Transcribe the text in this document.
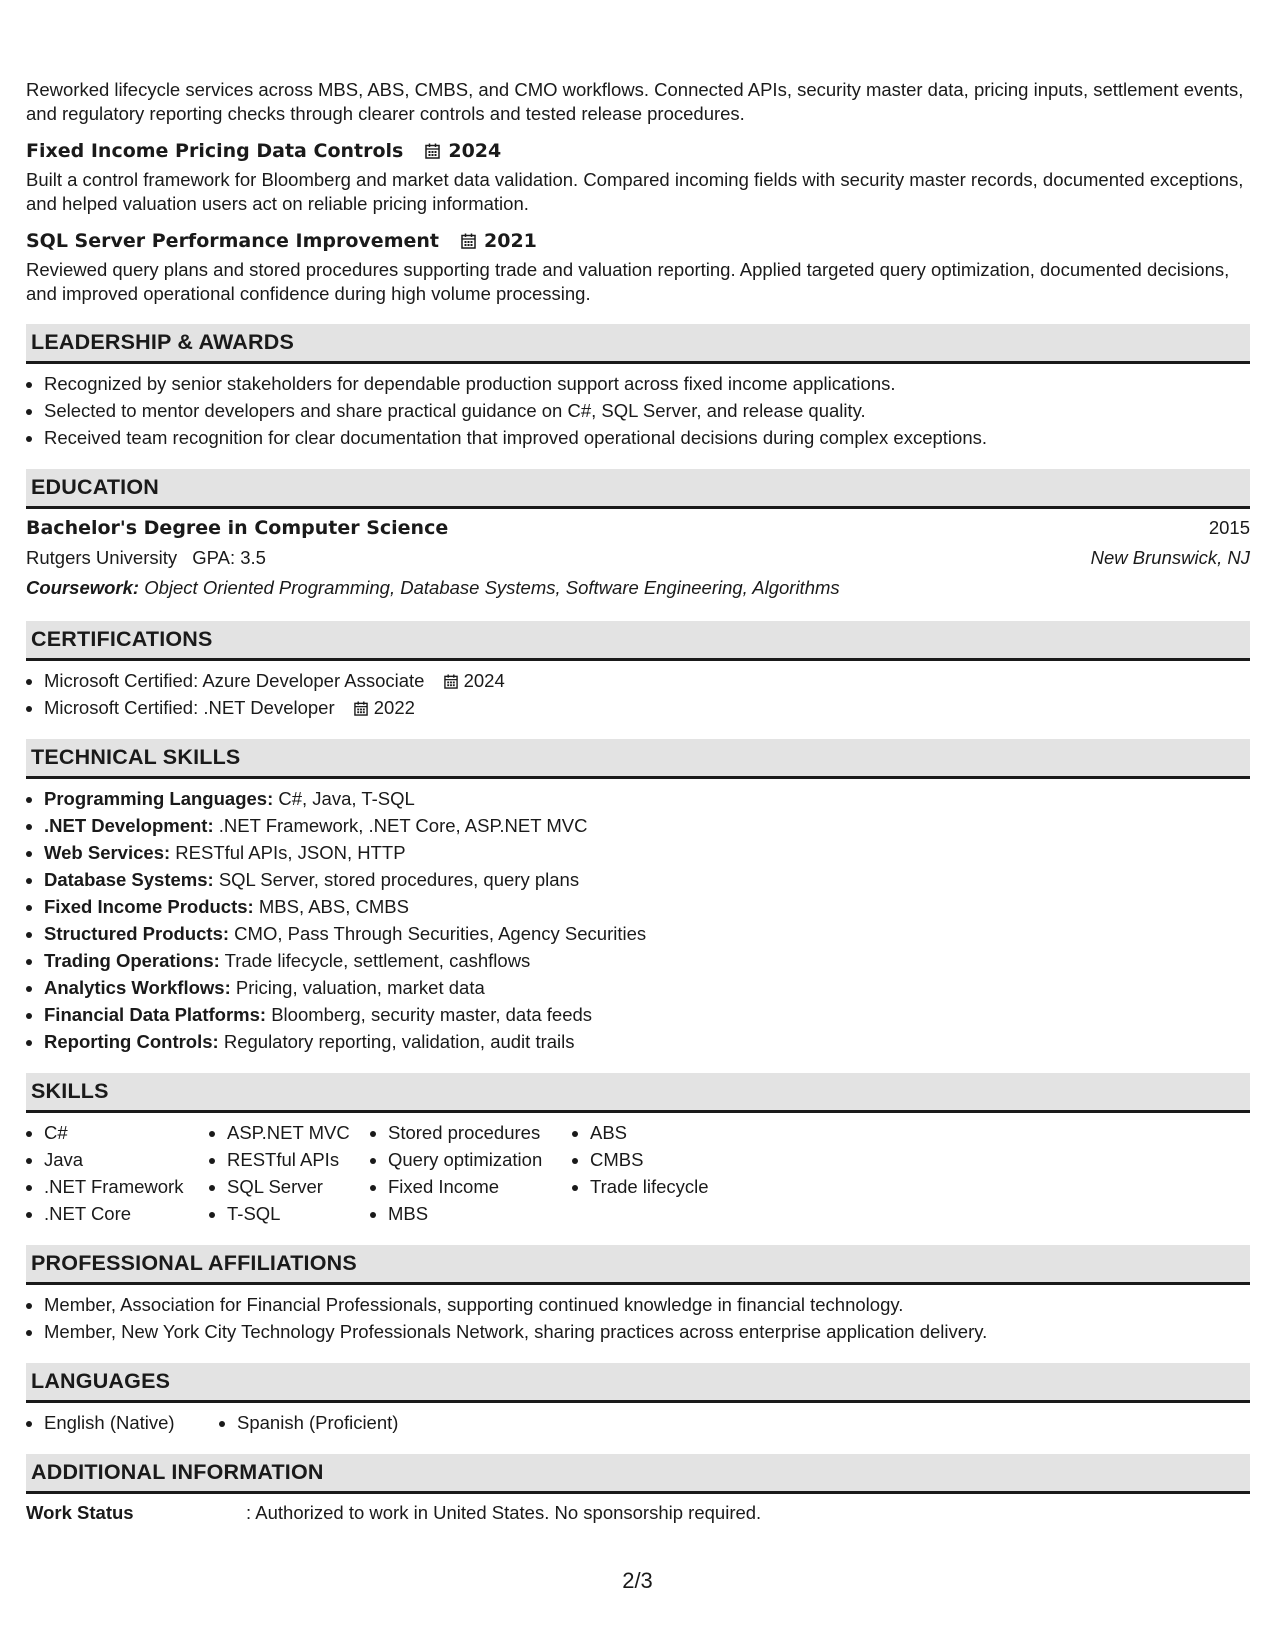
Reworked lifecycle services across MBS, ABS, CMBS, and CMO workflows. Connected APIs, security master data, pricing inputs, settlement events, and regulatory reporting checks through clearer controls and tested release procedures.

Fixed Income Pricing Data Controls 2024

Built a control framework for Bloomberg and market data validation. Compared incoming fields with security master records, documented exceptions, and helped valuation users act on reliable pricing information.

SQL Server Performance Improvement 2021

Reviewed query plans and stored procedures supporting trade and valuation reporting. Applied targeted query optimization, documented decisions, and improved operational confidence during high volume processing.

LEADERSHIP & AWARDS
• Recognized by senior stakeholders for dependable production support across fixed income applications.
• Selected to mentor developers and share practical guidance on C#, SQL Server, and release quality.
• Received team recognition for clear documentation that improved operational decisions during complex exceptions.
EDUCATION
Bachelor's Degree in Computer Science	2015
Rutgers University GPA: 3.5	New Brunswick, NJ
Coursework: Object Oriented Programming, Database Systems, Software Engineering, Algorithms
CERTIFICATIONS
• Microsoft Certified: Azure Developer Associate 2024
• Microsoft Certified: .NET Developer 2022
TECHNICAL SKILLS
• Programming Languages: C#, Java, T-SQL
• .NET Development: .NET Framework, .NET Core, ASP.NET MVC
• Web Services: RESTful APIs, JSON, HTTP
• Database Systems: SQL Server, stored procedures, query plans
• Fixed Income Products: MBS, ABS, CMBS
• Structured Products: CMO, Pass Through Securities, Agency Securities
• Trading Operations: Trade lifecycle, settlement, cashflows
• Analytics Workflows: Pricing, valuation, market data
• Financial Data Platforms: Bloomberg, security master, data feeds
• Reporting Controls: Regulatory reporting, validation, audit trails
SKILLS
• C#
• Java
• .NET Framework
• .NET Core
• ASP.NET MVC
• RESTful APIs
• SQL Server
• T-SQL
• Stored procedures
• Query optimization
• Fixed Income
• MBS
• ABS
• CMBS
• Trade lifecycle
PROFESSIONAL AFFILIATIONS
• Member, Association for Financial Professionals, supporting continued knowledge in financial technology.
• Member, New York City Technology Professionals Network, sharing practices across enterprise application delivery.
LANGUAGES
• English (Native)
•	Spanish (Proficient)
ADDITIONAL INFORMATION
Work Status	: Authorized to work in United States. No sponsorship required.
2/3
